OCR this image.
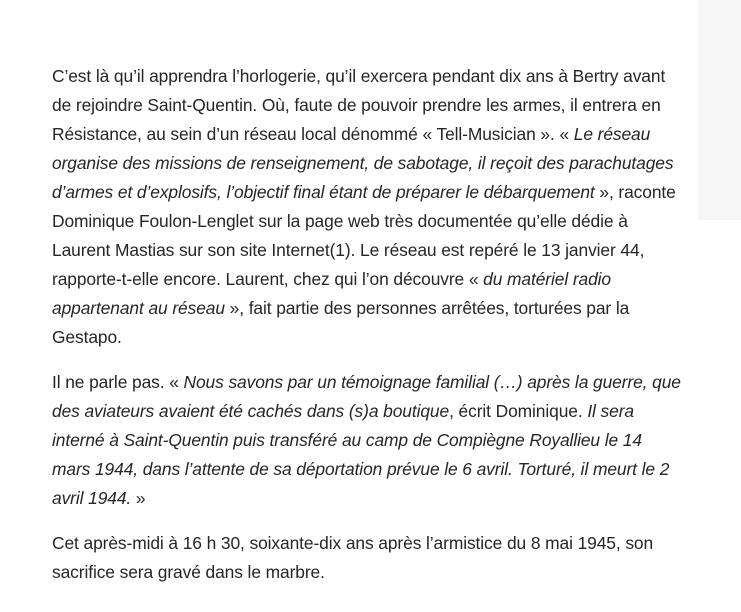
C’est là qu’il apprendra l’horlogerie, qu’il exercera pendant dix ans à Bertry avant de rejoindre Saint-Quentin. Où, faute de pouvoir prendre les armes, il entrera en Résistance, au sein d’un réseau local dénommé « Tell-Musician ». « Le réseau organise des missions de renseignement, de sabotage, il reçoit des parachutages d’armes et d’explosifs, l’objectif final étant de préparer le débarquement », raconte Dominique Foulon-Lenglet sur la page web très documentée qu’elle dédie à Laurent Mastias sur son site Internet(1). Le réseau est repéré le 13 janvier 44, rapporte-t-elle encore. Laurent, chez qui l’on découvre « du matériel radio appartenant au réseau », fait partie des personnes arrêtées, torturées par la Gestapo.

Il ne parle pas. « Nous savons par un témoignage familial (…) après la guerre, que des aviateurs avaient été cachés dans (s)a boutique, écrit Dominique. Il sera interné à Saint-Quentin puis transféré au camp de Compiègne Royallieu le 14 mars 1944, dans l’attente de sa déportation prévue le 6 avril. Torturé, il meurt le 2 avril 1944. »

Cet après-midi à 16 h 30, soixante-dix ans après l’armistice du 8 mai 1945, son sacrifice sera gravé dans le marbre.
